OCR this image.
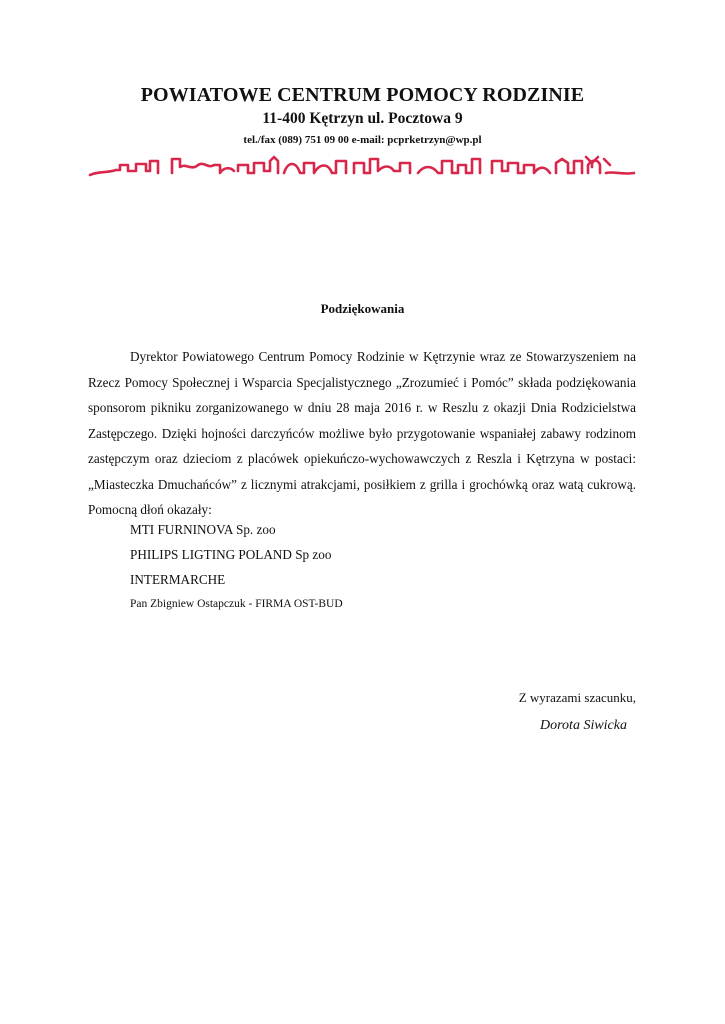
POWIATOWE CENTRUM POMOCY RODZINIE
11-400 Kętrzyn ul. Pocztowa 9
tel./fax (089) 751 09 00 e-mail: pcprketrzyn@wp.pl
Podziękowania

Dyrektor Powiatowego Centrum Pomocy Rodzinie w Kętrzynie wraz ze Stowarzyszeniem na Rzecz Pomocy Społecznej i Wsparcia Specjalistycznego „Zrozumieć i Pomóc” składa podziękowania sponsorom pikniku zorganizowanego w dniu 28 maja 2016 r. w Reszlu z okazji Dnia Rodzicielstwa Zastępczego. Dzięki hojności darczyńców możliwe było przygotowanie wspaniałej zabawy rodzinom zastępczym oraz dzieciom z placówek opiekuńczo-wychowawczych z Reszla i Kętrzyna w postaci: „Miasteczka Dmuchańców” z licznymi atrakcjami, posiłkiem z grilla i grochówką oraz watą cukrową. Pomocną dłoń okazały:

MTI FURNINOVA Sp. zoo
PHILIPS LIGTING POLAND Sp zoo
INTERMARCHE
Pan Zbigniew Ostapczuk - FIRMA OST-BUD
Z wyrazami szacunku,
Dorota Siwicka
